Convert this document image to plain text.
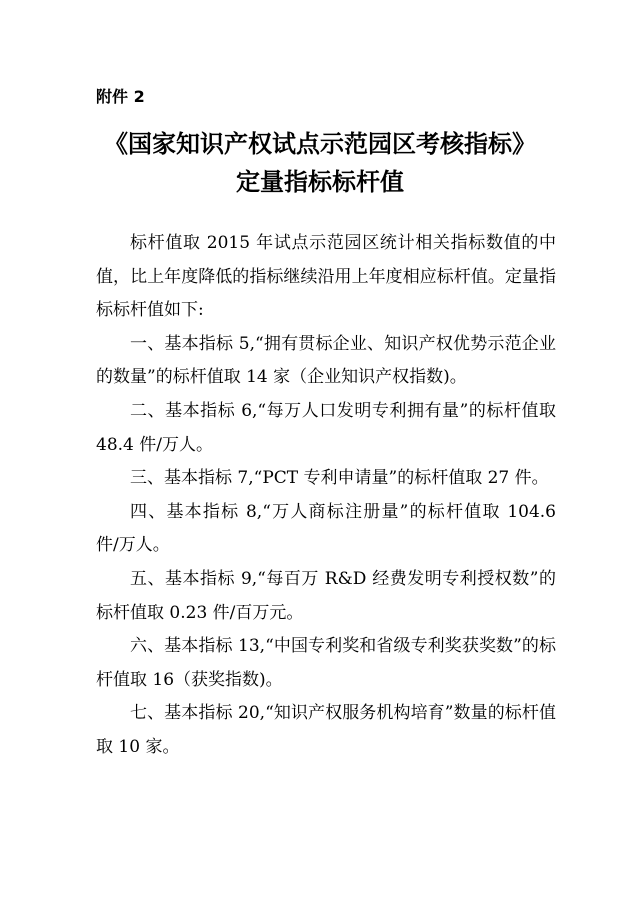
附件 2
《国家知识产权试点示范园区考核指标》
定量指标标杆值

标杆值取 2015 年试点示范园区统计相关指标数值的中值，比上年度降低的指标继续沿用上年度相应标杆值。定量指标标杆值如下:

一、基本指标 5,“拥有贯标企业、知识产权优势示范企业的数量”的标杆值取 14 家（企业知识产权指数)。

二、基本指标 6,“每万人口发明专利拥有量”的标杆值取 48.4 件/万人。

三、基本指标 7,“PCT 专利申请量”的标杆值取 27 件。

四、基本指标 8,“万人商标注册量”的标杆值取 104.6 件/万人。

五、基本指标 9,“每百万 R&D 经费发明专利授权数”的标杆值取 0.23 件/百万元。

六、基本指标 13,“中国专利奖和省级专利奖获奖数”的标杆值取 16（获奖指数)。

七、基本指标 20,“知识产权服务机构培育”数量的标杆值取 10 家。
